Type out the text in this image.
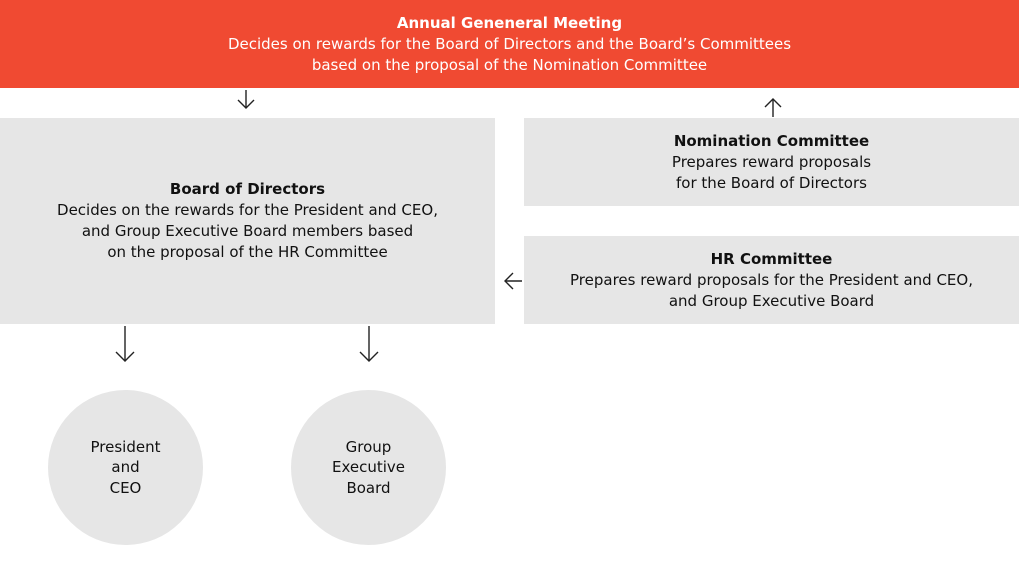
Annual Geneneral Meeting
Decides on rewards for the Board of Directors and the Board’s Committees
based on the proposal of the Nomination Committee
Board of Directors
Decides on the rewards for the President and CEO,
and Group Executive Board members based
on the proposal of the HR Committee
Nomination Committee
Prepares reward proposals
for the Board of Directors
HR Committee
Prepares reward proposals for the President and CEO,
and Group Executive Board
President
and
CEO
Group
Executive
Board
